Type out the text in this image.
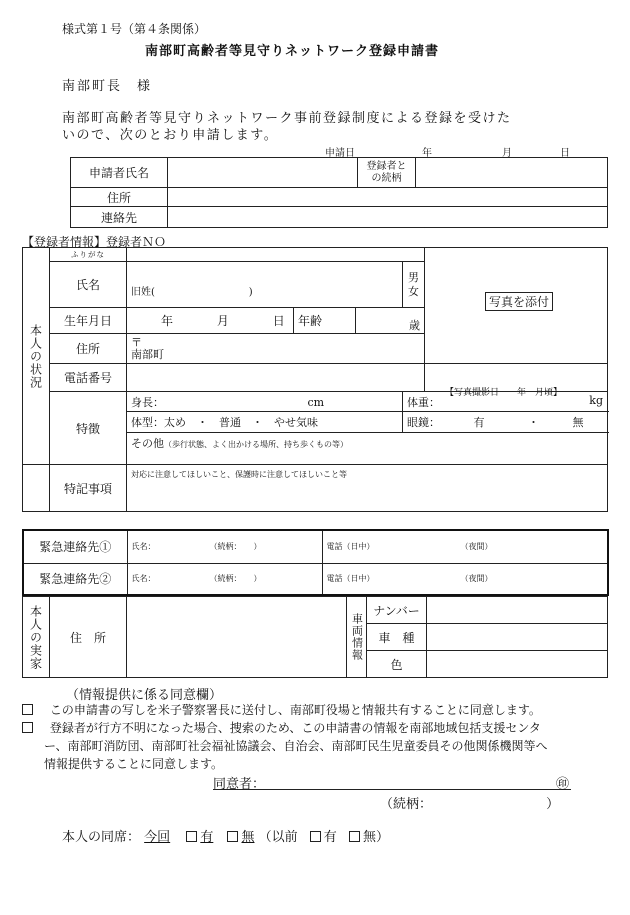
様式第１号（第４条関係）
南部町高齢者等見守りネットワーク登録申請書
南部町長　様
南部町高齢者等見守りネットワーク事前登録制度による登録を受けた
いので、次のとおり申請します。
申請日	年	月	日
申請者氏名		登録者と
の続柄	

住所			
連絡先			
【登録者情報】登録者ＮＯ
本人の状況	ふりがな					写真を添付
【写真撮影日　　年　月頃】

	氏名	旧姓( )			男
女	

	生年月日	年 月 日	年齢	歳		
	住所	〒
南部町				

	電話番号					
	特徴	身長： cm			体重： kg	

		体型：太め　・　普通　・　やせ気味			眼鏡： 有 ・ 無	
		その他（歩行状態、よく出かける場所、持ち歩くもの等）				
	特記事項	対応に注意してほしいこと、保護時に注意してほしいこと等				
緊急連絡先①	氏名： （続柄：　　）	電話（日中） （夜間）
緊急連絡先②	氏名： （続柄：　　）	電話（日中） （夜間）
本人の実家	住　所		車両情報	ナンバー	
				車　種	
				色	
（情報提供に係る同意欄）
この申請書の写しを米子警察署長に送付し、南部町役場と情報共有することに同意します。
登録者が行方不明になった場合、捜索のため、この申請書の情報を南部地域包括支援センタ
ー、南部町消防団、南部町社会福祉協議会、自治会、南部町民生児童委員その他関係機関等へ
情報提供することに同意します。
同意者：	㊞
（続柄：	）
本人の同席： 今回 有 無 （以前 有 無）
